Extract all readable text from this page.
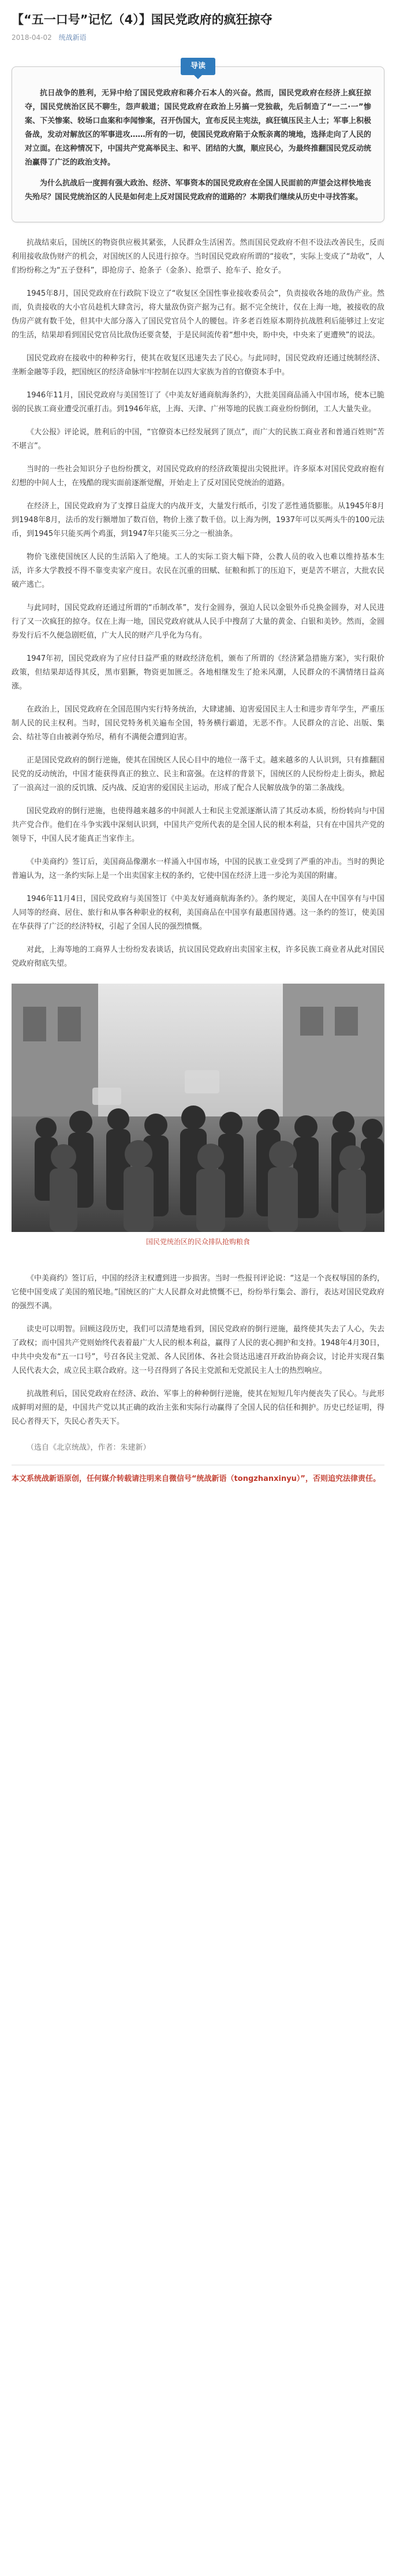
【“五一口号”记忆（4）】国民党政府的疯狂掠夺
2018-04-02 统战新语
导读

抗日战争的胜利，无异中给了国民党政府和蒋介石本人的兴奋。然而，国民党政府在经济上疯狂掠夺，国民党统治区民不聊生，怨声载道；国民党政府在政治上另搞一党独裁，先后制造了“一二·一”惨案、下关惨案、较场口血案和李闻惨案，召开伪国大，宣布反民主宪法，疯狂镇压民主人士；军事上积极备战，发动对解放区的军事进攻……所有的一切，使国民党政府陷于众叛亲离的境地，选择走向了人民的对立面。在这种情况下，中国共产党高举民主、和平、团结的大旗，顺应民心，为最终推翻国民党反动统治赢得了广泛的政治支持。

为什么抗战后一度拥有强大政治、经济、军事资本的国民党政府在全国人民面前的声望会这样快地丧失殆尽？国民党统治区的人民是如何走上反对国民党政府的道路的？本期我们继续从历史中寻找答案。

抗战结束后，国统区的物资供应极其紧张，人民群众生活困苦。然而国民党政府不但不设法改善民生，反而利用接收敌伪财产的机会，对国统区的人民进行掠夺。当时国民党政府所谓的“接收”，实际上变成了“劫收”，人们纷纷称之为“五子登科”，即抢房子、抢条子（金条）、抢票子、抢车子、抢女子。

1945年8月，国民党政府在行政院下设立了“收复区全国性事业接收委员会”，负责接收各地的敌伪产业。然而，负责接收的大小官员趁机大肆贪污，将大量敌伪资产据为己有。据不完全统计，仅在上海一地，被接收的敌伪房产就有数千处，但其中大部分落入了国民党官员个人的腰包。许多老百姓原本期待抗战胜利后能够过上安定的生活，结果却看到国民党官员比敌伪还要贪婪，于是民间流传着“想中央，盼中央，中央来了更遭殃”的说法。

国民党政府在接收中的种种劣行，使其在收复区迅速失去了民心。与此同时，国民党政府还通过统制经济、垄断金融等手段，把国统区的经济命脉牢牢控制在以四大家族为首的官僚资本手中。

1946年11月，国民党政府与美国签订了《中美友好通商航海条约》，大批美国商品涌入中国市场，使本已脆弱的民族工商业遭受沉重打击。到1946年底，上海、天津、广州等地的民族工商业纷纷倒闭，工人大量失业。

《大公报》评论说，胜利后的中国，“官僚资本已经发展到了顶点”，而广大的民族工商业者和普通百姓则“苦不堪言”。

当时的一些社会知识分子也纷纷撰文，对国民党政府的经济政策提出尖锐批评。许多原本对国民党政府抱有幻想的中间人士，在残酷的现实面前逐渐觉醒，开始走上了反对国民党统治的道路。

在经济上，国民党政府为了支撑日益庞大的内战开支，大量发行纸币，引发了恶性通货膨胀。从1945年8月到1948年8月，法币的发行额增加了数百倍，物价上涨了数千倍。以上海为例，1937年可以买两头牛的100元法币，到1945年只能买两个鸡蛋，到1947年只能买三分之一根油条。

物价飞涨使国统区人民的生活陷入了绝境。工人的实际工资大幅下降，公教人员的收入也难以维持基本生活，许多大学教授不得不靠变卖家产度日。农民在沉重的田赋、征粮和抓丁的压迫下，更是苦不堪言，大批农民破产逃亡。

与此同时，国民党政府还通过所谓的“币制改革”，发行金圆券，强迫人民以金银外币兑换金圆券，对人民进行了又一次疯狂的掠夺。仅在上海一地，国民党政府就从人民手中搜刮了大量的黄金、白银和美钞。然而，金圆券发行后不久便急剧贬值，广大人民的财产几乎化为乌有。

1947年初，国民党政府为了应付日益严重的财政经济危机，颁布了所谓的《经济紧急措施方案》，实行限价政策，但结果却适得其反，黑市猖獗，物资更加匮乏。各地相继发生了抢米风潮，人民群众的不满情绪日益高涨。

在政治上，国民党政府在全国范围内实行特务统治，大肆逮捕、迫害爱国民主人士和进步青年学生，严重压制人民的民主权利。当时，国民党特务机关遍布全国，特务横行霸道，无恶不作。人民群众的言论、出版、集会、结社等自由被剥夺殆尽，稍有不满便会遭到迫害。

正是国民党政府的倒行逆施，使其在国统区人民心目中的地位一落千丈。越来越多的人认识到，只有推翻国民党的反动统治，中国才能获得真正的独立、民主和富强。在这样的背景下，国统区的人民纷纷走上街头，掀起了一浪高过一浪的反饥饿、反内战、反迫害的爱国民主运动，形成了配合人民解放战争的第二条战线。

国民党政府的倒行逆施，也使得越来越多的中间派人士和民主党派逐渐认清了其反动本质，纷纷转向与中国共产党合作。他们在斗争实践中深刻认识到，中国共产党所代表的是全国人民的根本利益，只有在中国共产党的领导下，中国人民才能真正当家作主。

《中美商约》签订后，美国商品像潮水一样涌入中国市场，中国的民族工业受到了严重的冲击。当时的舆论普遍认为，这一条约实际上是一个出卖国家主权的条约，它使中国在经济上进一步沦为美国的附庸。

1946年11月4日，国民党政府与美国签订《中美友好通商航海条约》。条约规定，美国人在中国享有与中国人同等的经商、居住、旅行和从事各种职业的权利，美国商品在中国享有最惠国待遇。这一条约的签订，使美国在华获得了广泛的经济特权，引起了全国人民的强烈愤慨。

对此，上海等地的工商界人士纷纷发表谈话，抗议国民党政府出卖国家主权，许多民族工商业者从此对国民党政府彻底失望。

国民党统治区的民众排队抢购粮食

《中美商约》签订后，中国的经济主权遭到进一步损害。当时一些报刊评论说：“这是一个丧权辱国的条约，它使中国变成了美国的殖民地。”国统区的广大人民群众对此愤慨不已，纷纷举行集会、游行，表达对国民党政府的强烈不满。

读史可以明智。回顾这段历史，我们可以清楚地看到，国民党政府的倒行逆施，最终使其失去了人心，失去了政权；而中国共产党则始终代表着最广大人民的根本利益，赢得了人民的衷心拥护和支持。1948年4月30日，中共中央发布“五一口号”，号召各民主党派、各人民团体、各社会贤达迅速召开政治协商会议，讨论并实现召集人民代表大会，成立民主联合政府。这一号召得到了各民主党派和无党派民主人士的热烈响应。

抗战胜利后，国民党政府在经济、政治、军事上的种种倒行逆施，使其在短短几年内便丧失了民心。与此形成鲜明对照的是，中国共产党以其正确的政治主张和实际行动赢得了全国人民的信任和拥护。历史已经证明，得民心者得天下，失民心者失天下。

（选自《北京统战》，作者：朱建新）
本文系统战新语原创，任何媒介转载请注明来自微信号“统战新语（tongzhanxinyu）”，否则追究法律责任。
